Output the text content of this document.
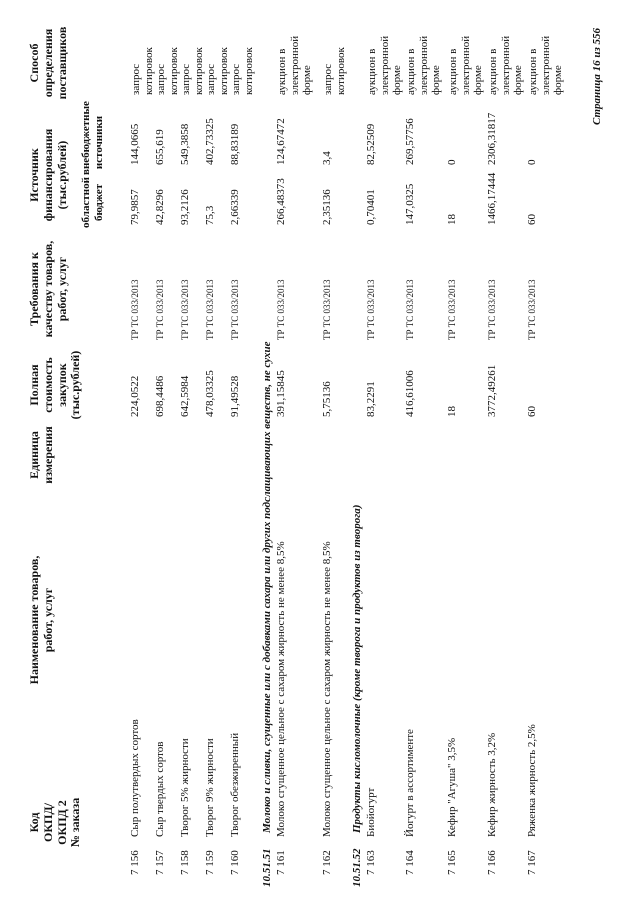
Код ОКПД/ ОКПД 2 № заказа
Наименование товаров, работ, услуг
Единица измерения
Полная стоимость закупок (тыс.рублей)
Требования к качеству товаров, работ, услуг
Источник финансирования (тыс.рублей) областной бюджет
внебюджетные источники
Способ определения поставщиков
7 156
Сыр полутвердых сортов
224,0522
ТР ТС 033/2013
79,9857
144,0665
запрос котировок
7 157
Сыр твердых сортов
698,4486
ТР ТС 033/2013
42,8296
655,619
запрос котировок
7 158
Творог 5% жирности
642,5984
ТР ТС 033/2013
93,2126
549,3858
запрос котировок
7 159
Творог 9% жирности
478,03325
ТР ТС 033/2013
75,3
402,73325
запрос котировок
7 160
Творог обезжиренный
91,49528
ТР ТС 033/2013
2,66339
88,83189
запрос котировок
10.51.51
Молоко и сливки, сгущенные или с добавками сахара или других подслащивающих веществ, не сухие
7 161
Молоко сгущенное цельное с сахаром жирность не менее 8,5%
391,15845
ТР ТС 033/2013
266,48373
124,67472
аукцион в электронной форме
7 162
Молоко сгущенное цельное с сахаром жирность не менее 8,5%
5,75136
ТР ТС 033/2013
2,35136
3,4
запрос котировок
10.51.52
Продукты кисломолочные (кроме творога и продуктов из творога)
7 163
Биойогурт
83,2291
ТР ТС 033/2013
0,70401
82,52509
аукцион в электронной форме
7 164
Йогурт в ассортименте
416,61006
ТР ТС 033/2013
147,0325
269,57756
аукцион в электронной форме
7 165
Кефир "Агуша" 3,5%
18
ТР ТС 033/2013
18
0
аукцион в электронной форме
7 166
Кефир жирность 3,2%
3772,49261
ТР ТС 033/2013
1466,17444
2306,31817
аукцион в электронной форме
7 167
Ряженка жирность 2,5%
60
ТР ТС 033/2013
60
0
аукцион в электронной форме Страница 16 из 556
